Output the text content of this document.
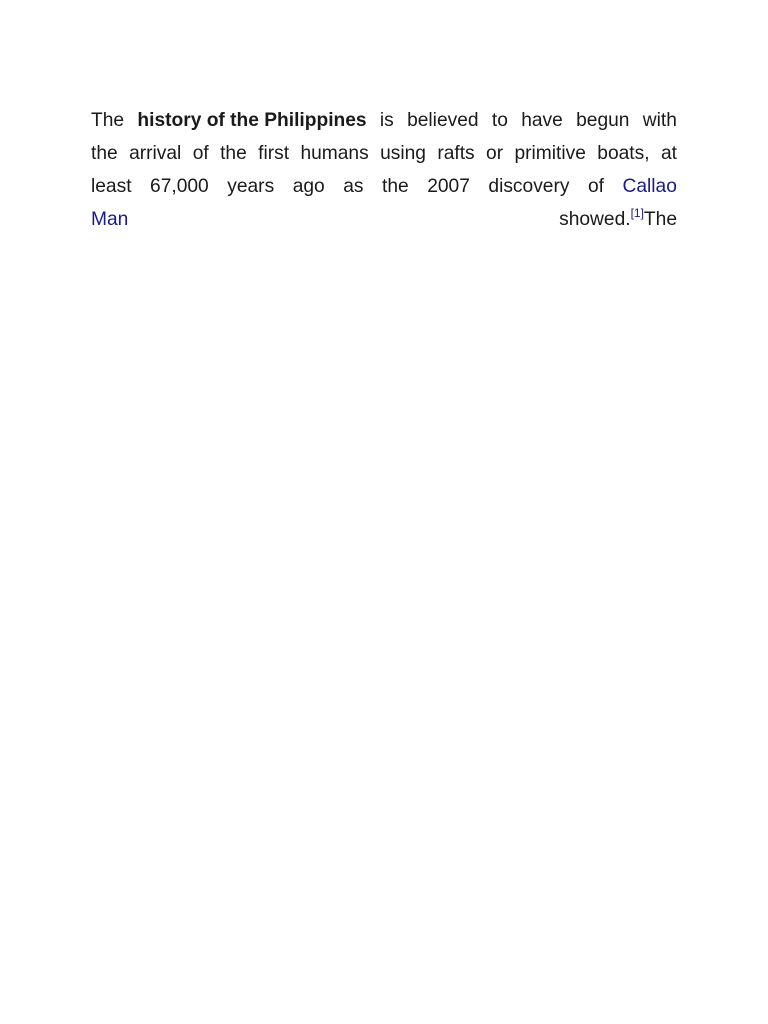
The history of the Philippines is believed to have begun with
the arrival of the first humans using rafts or primitive boats, at
least 67,000 years ago as the 2007 discovery of Callao
Man	showed.[1]The
